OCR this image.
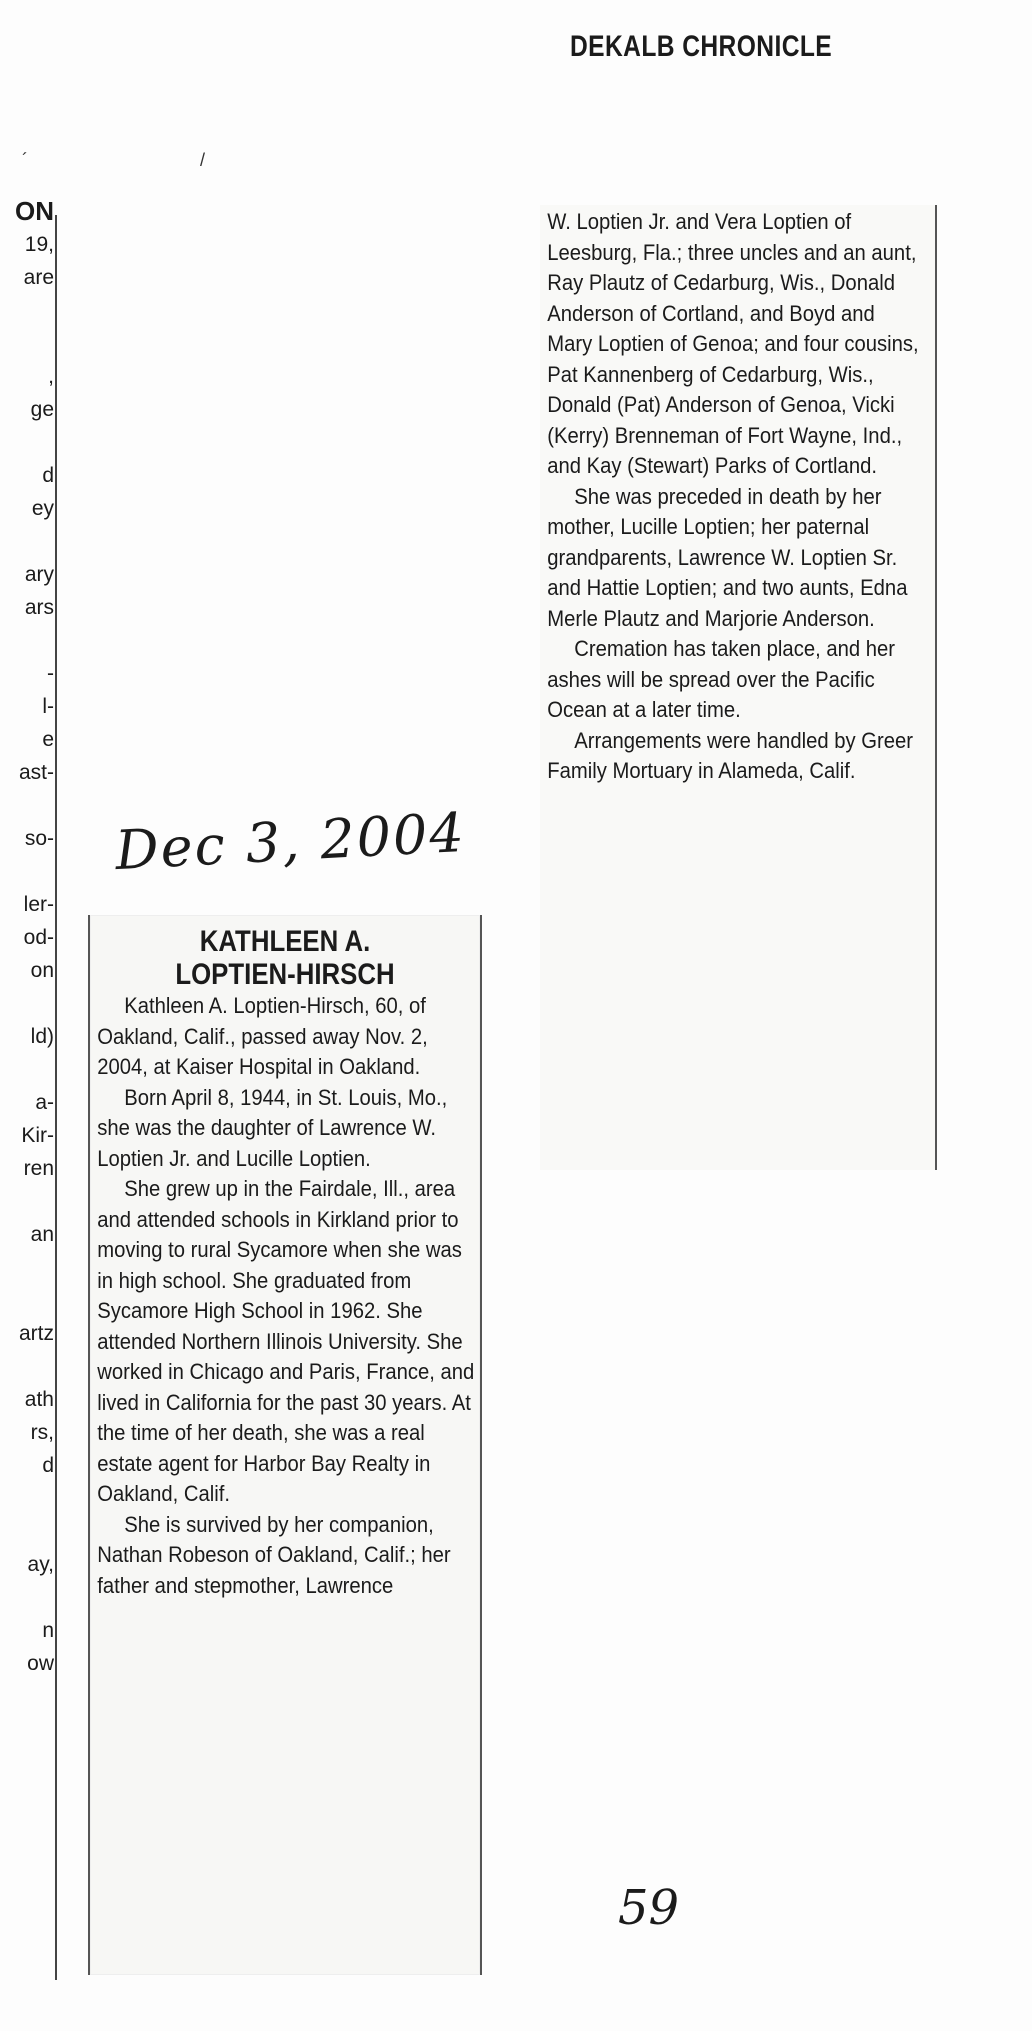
DEKALB CHRONICLE
´	/
ON
19,
are
,
ge
d
ey
ary
ars
-
l-
e
ast-
so-
ler-
od-
on
ld)
a-
Kir-
ren
an
artz
ath
rs,
d
ay,
n
ow
Dec 3, 2004
KATHLEEN A.
LOPTIEN-HIRSCH

Kathleen A. Loptien-Hirsch, 60, of Oakland, Calif., passed away Nov. 2, 2004, at Kaiser Hospital in Oakland.

Born April 8, 1944, in St. Louis, Mo., she was the daughter of Lawrence W. Loptien Jr. and Lucille Loptien.

She grew up in the Fairdale, Ill., area and attended schools in Kirkland prior to moving to rural Sycamore when she was in high school. She graduated from Sycamore High School in 1962. She attended Northern Illinois University. She worked in Chicago and Paris, France, and lived in California for the past 30 years. At the time of her death, she was a real estate agent for Harbor Bay Realty in Oakland, Calif.

She is survived by her companion, Nathan Robeson of Oakland, Calif.; her father and stepmother, Lawrence

W. Loptien Jr. and Vera Loptien of Leesburg, Fla.; three uncles and an aunt, Ray Plautz of Cedarburg, Wis., Donald Anderson of Cortland, and Boyd and Mary Loptien of Genoa; and four cousins, Pat Kannenberg of Cedarburg, Wis., Donald (Pat) Anderson of Genoa, Vicki (Kerry) Brenneman of Fort Wayne, Ind., and Kay (Stewart) Parks of Cortland.

She was preceded in death by her mother, Lucille Loptien; her paternal grandparents, Lawrence W. Loptien Sr. and Hattie Loptien; and two aunts, Edna Merle Plautz and Marjorie Anderson.

Cremation has taken place, and her ashes will be spread over the Pacific Ocean at a later time.

Arrangements were handled by Greer Family Mortuary in Alameda, Calif.

59
